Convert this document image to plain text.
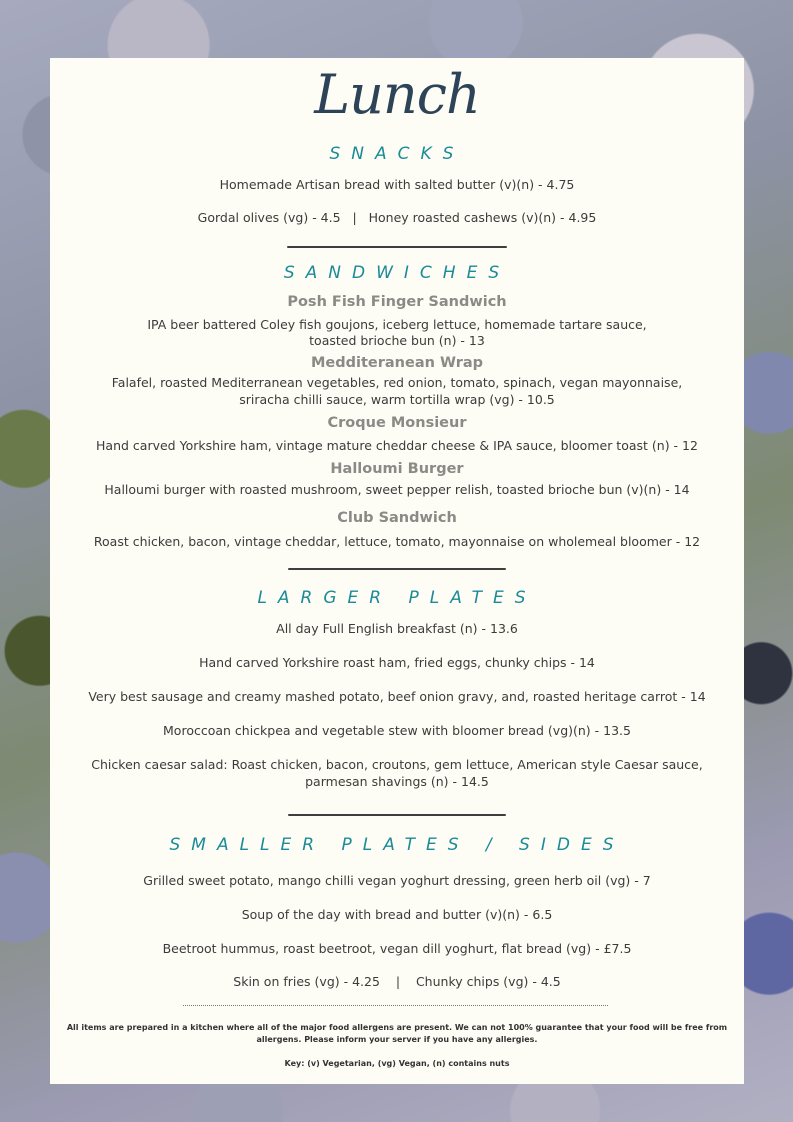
Lunch
SNACKS
Homemade Artisan bread with salted butter (v)(n) - 4.75
Gordal olives (vg) - 4.5 | Honey roasted cashews (v)(n) - 4.95
SANDWICHES
Posh Fish Finger Sandwich
IPA beer battered Coley fish goujons, iceberg lettuce, homemade tartare sauce,
toasted brioche bun (n) - 13
Medditeranean Wrap
Falafel, roasted Mediterranean vegetables, red onion, tomato, spinach, vegan mayonnaise,
sriracha chilli sauce, warm tortilla wrap (vg) - 10.5
Croque Monsieur
Hand carved Yorkshire ham, vintage mature cheddar cheese & IPA sauce, bloomer toast (n) - 12
Halloumi Burger
Halloumi burger with roasted mushroom, sweet pepper relish, toasted brioche bun (v)(n) - 14
Club Sandwich
Roast chicken, bacon, vintage cheddar, lettuce, tomato, mayonnaise on wholemeal bloomer - 12
LARGER PLATES
All day Full English breakfast (n) - 13.6
Hand carved Yorkshire roast ham, fried eggs, chunky chips - 14
Very best sausage and creamy mashed potato, beef onion gravy, and, roasted heritage carrot - 14
Moroccoan chickpea and vegetable stew with bloomer bread (vg)(n) - 13.5
Chicken caesar salad: Roast chicken, bacon, croutons, gem lettuce, American style Caesar sauce,
parmesan shavings (n) - 14.5
SMALLER PLATES / SIDES
Grilled sweet potato, mango chilli vegan yoghurt dressing, green herb oil (vg) - 7
Soup of the day with bread and butter (v)(n) - 6.5
Beetroot hummus, roast beetroot, vegan dill yoghurt, flat bread (vg) - £7.5
Skin on fries (vg) - 4.25 | Chunky chips (vg) - 4.5
All items are prepared in a kitchen where all of the major food allergens are present. We can not 100% guarantee that your food will be free from
allergens. Please inform your server if you have any allergies.
Key: (v) Vegetarian, (vg) Vegan, (n) contains nuts
